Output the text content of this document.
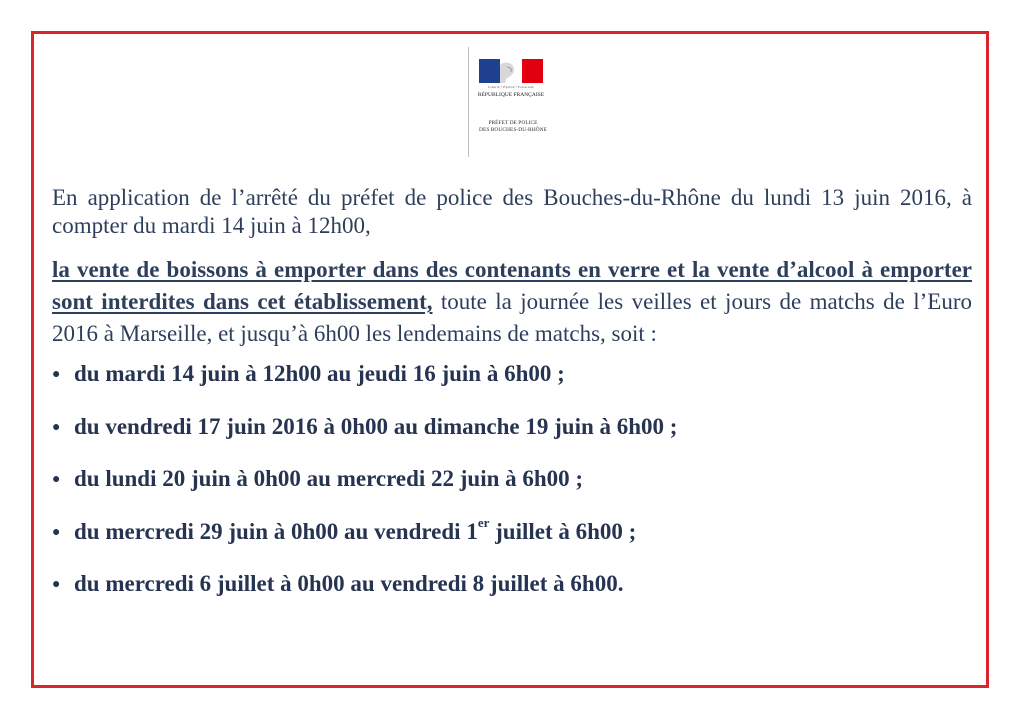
Liberté • Égalité • Fraternité
RÉPUBLIQUE FRANÇAISE
PRÉFET DE POLICE
DES BOUCHES-DU-RHÔNE

En application de l’arrêté du préfet de police des Bouches-du-Rhône du lundi 13 juin 2016, à compter du mardi 14 juin à 12h00,

la vente de boissons à emporter dans des contenants en verre et la vente d’alcool à emporter sont interdites dans cet établissement, toute la journée les veilles et jours de matchs de l’Euro 2016 à Marseille, et jusqu’à 6h00 les lendemains de matchs, soit :

● du mardi 14 juin à 12h00 au jeudi 16 juin à 6h00 ;
● du vendredi 17 juin 2016 à 0h00 au dimanche 19 juin à 6h00 ;
● du lundi 20 juin à 0h00 au mercredi 22 juin à 6h00 ;
● du mercredi 29 juin à 0h00 au vendredi 1er juillet à 6h00 ;
● du mercredi 6 juillet à 0h00 au vendredi 8 juillet à 6h00.
